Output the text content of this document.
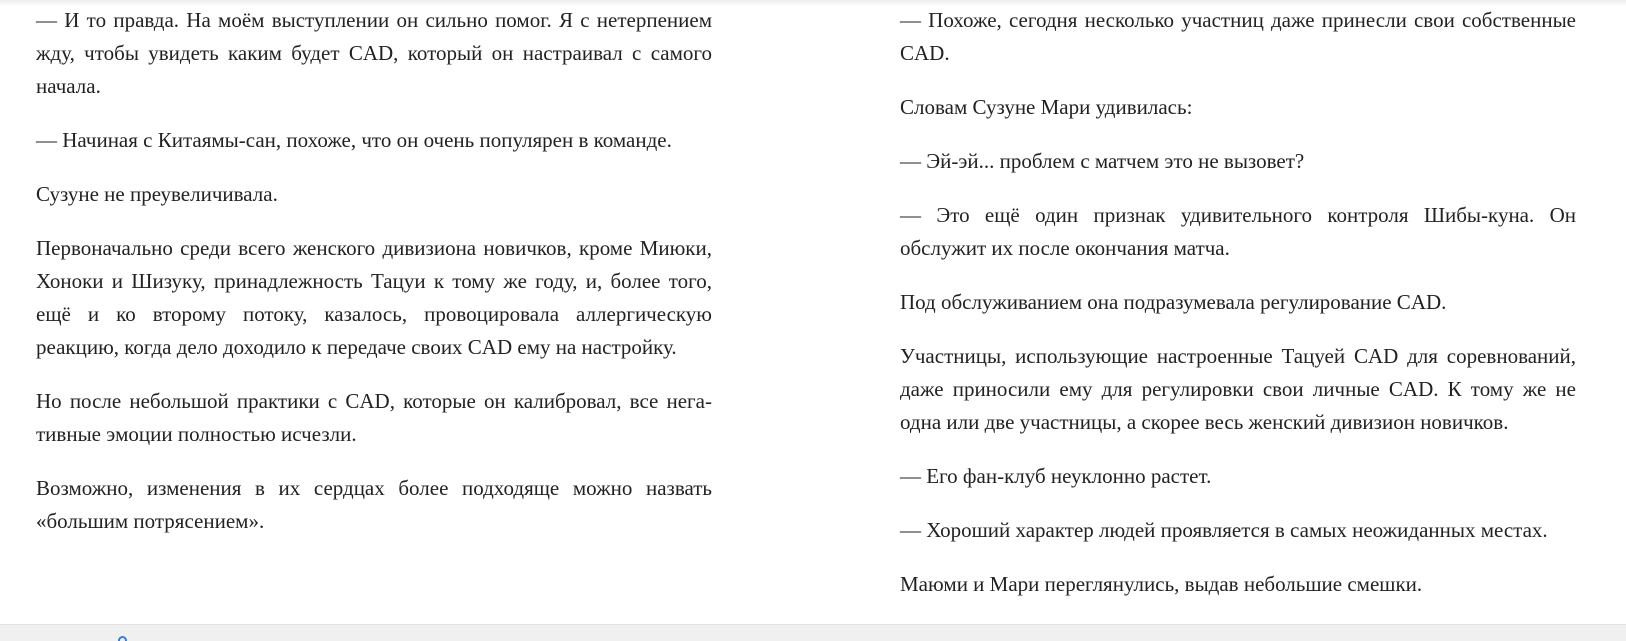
— И то правда. На моём выступлении он сильно помог. Я с нетерпением жду, чтобы увидеть каким будет CAD, который он настраивал с самого начала.

— Начиная с Китаямы-сан, похоже, что он очень популярен в команде.

Сузуне не преувеличивала.

Первоначально среди всего женского дивизиона новичков, кроме Миюки, Хоноки и Шизуку, принадлежность Тацуи к тому же году, и, более того, ещё и ко второму потоку, казалось, провоцировала аллергическую реакцию, когда дело доходило к передаче своих CAD ему на настройку.

Но после небольшой практики с CAD, которые он калибровал, все негативные эмоции полностью исчезли.

Возможно, изменения в их сердцах более подходяще можно назвать «большим потрясением».

— Похоже, сегодня несколько участниц даже принесли свои собственные CAD.

Словам Сузуне Мари удивилась:

— Эй-эй... проблем с матчем это не вызовет?

— Это ещё один признак удивительного контроля Шибы-куна. Он обслужит их после окончания матча.

Под обслуживанием она подразумевала регулирование CAD.

Участницы, использующие настроенные Тацуей CAD для соревнований, даже приносили ему для регулировки свои личные CAD. К тому же не одна или две участницы, а скорее весь женский дивизион новичков.

— Его фан-клуб неуклонно растет.

— Хороший характер людей проявляется в самых неожиданных местах.

Маюми и Мари переглянулись, выдав небольшие смешки.
